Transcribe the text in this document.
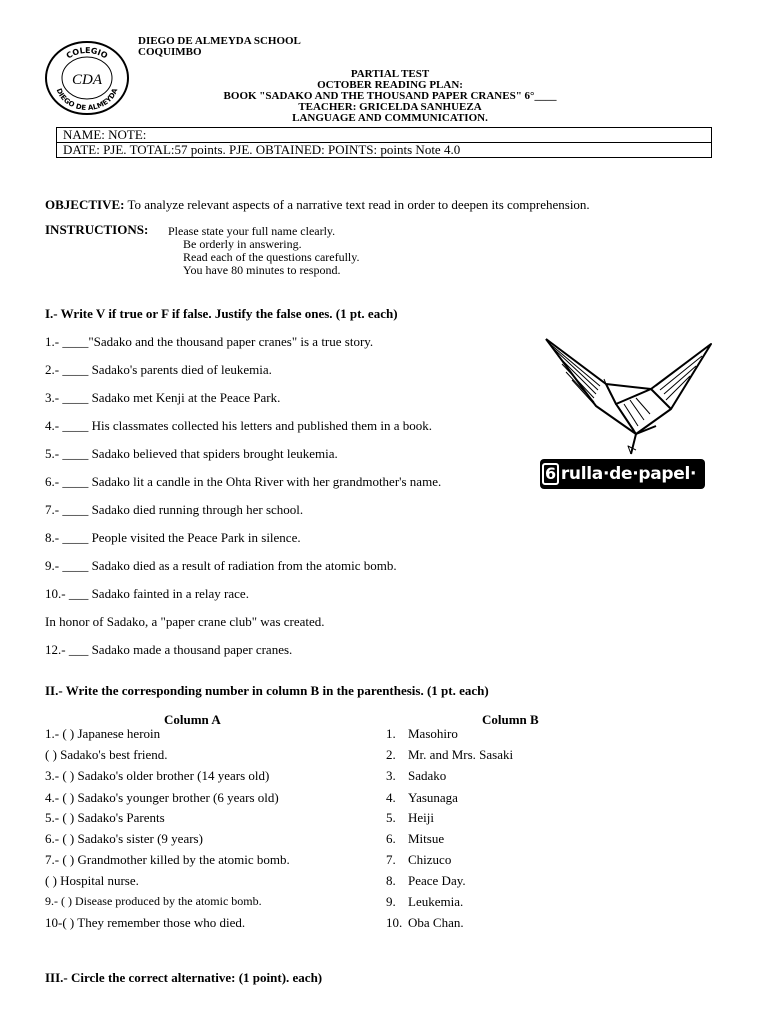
COLEGIO
DIEGO DE ALMEYDA
CDA
DIEGO DE ALMEYDA SCHOOL
COQUIMBO
PARTIAL TEST
OCTOBER READING PLAN:
BOOK "SADAKO AND THE THOUSAND PAPER CRANES" 6°____
TEACHER: GRICELDA SANHUEZA
LANGUAGE AND COMMUNICATION.
NAME: NOTE:
DATE: PJE. TOTAL:57 points. PJE. OBTAINED: POINTS: points Note 4.0
OBJECTIVE: To analyze relevant aspects of a narrative text read in order to deepen its comprehension.
INSTRUCTIONS: Please state your full name clearly.
Be orderly in answering.
Read each of the questions carefully.
You have 80 minutes to respond.
I.- Write V if true or F if false. Justify the false ones. (1 pt. each)
1.- ____"Sadako and the thousand paper cranes" is a true story.
2.- ____ Sadako's parents died of leukemia.
3.- ____ Sadako met Kenji at the Peace Park.
4.- ____ His classmates collected his letters and published them in a book.
5.- ____ Sadako believed that spiders brought leukemia.
6.- ____ Sadako lit a candle in the Ohta River with her grandmother's name.
7.- ____ Sadako died running through her school.
8.- ____ People visited the Peace Park in silence.
9.- ____ Sadako died as a result of radiation from the atomic bomb.
10.- ___ Sadako fainted in a relay race.
In honor of Sadako, a "paper crane club" was created.
12.- ___ Sadako made a thousand paper cranes.
6 rulla·de·papel·
II.- Write the corresponding number in column B in the parenthesis. (1 pt. each)
Column A	Column B
1.- ( ) Japanese heroin
( ) Sadako's best friend.
3.- ( ) Sadako's older brother (14 years old)
4.- ( ) Sadako's younger brother (6 years old)
5.- ( ) Sadako's Parents
6.- ( ) Sadako's sister (9 years)
7.- ( ) Grandmother killed by the atomic bomb.
( ) Hospital nurse.
9.- ( ) Disease produced by the atomic bomb.
10-( ) They remember those who died.
1. Masohiro
2. Mr. and Mrs. Sasaki
3. Sadako
4. Yasunaga
5. Heiji
6. Mitsue
7. Chizuco
8. Peace Day.
9. Leukemia.
10. Oba Chan.
III.- Circle the correct alternative: (1 point). each)
